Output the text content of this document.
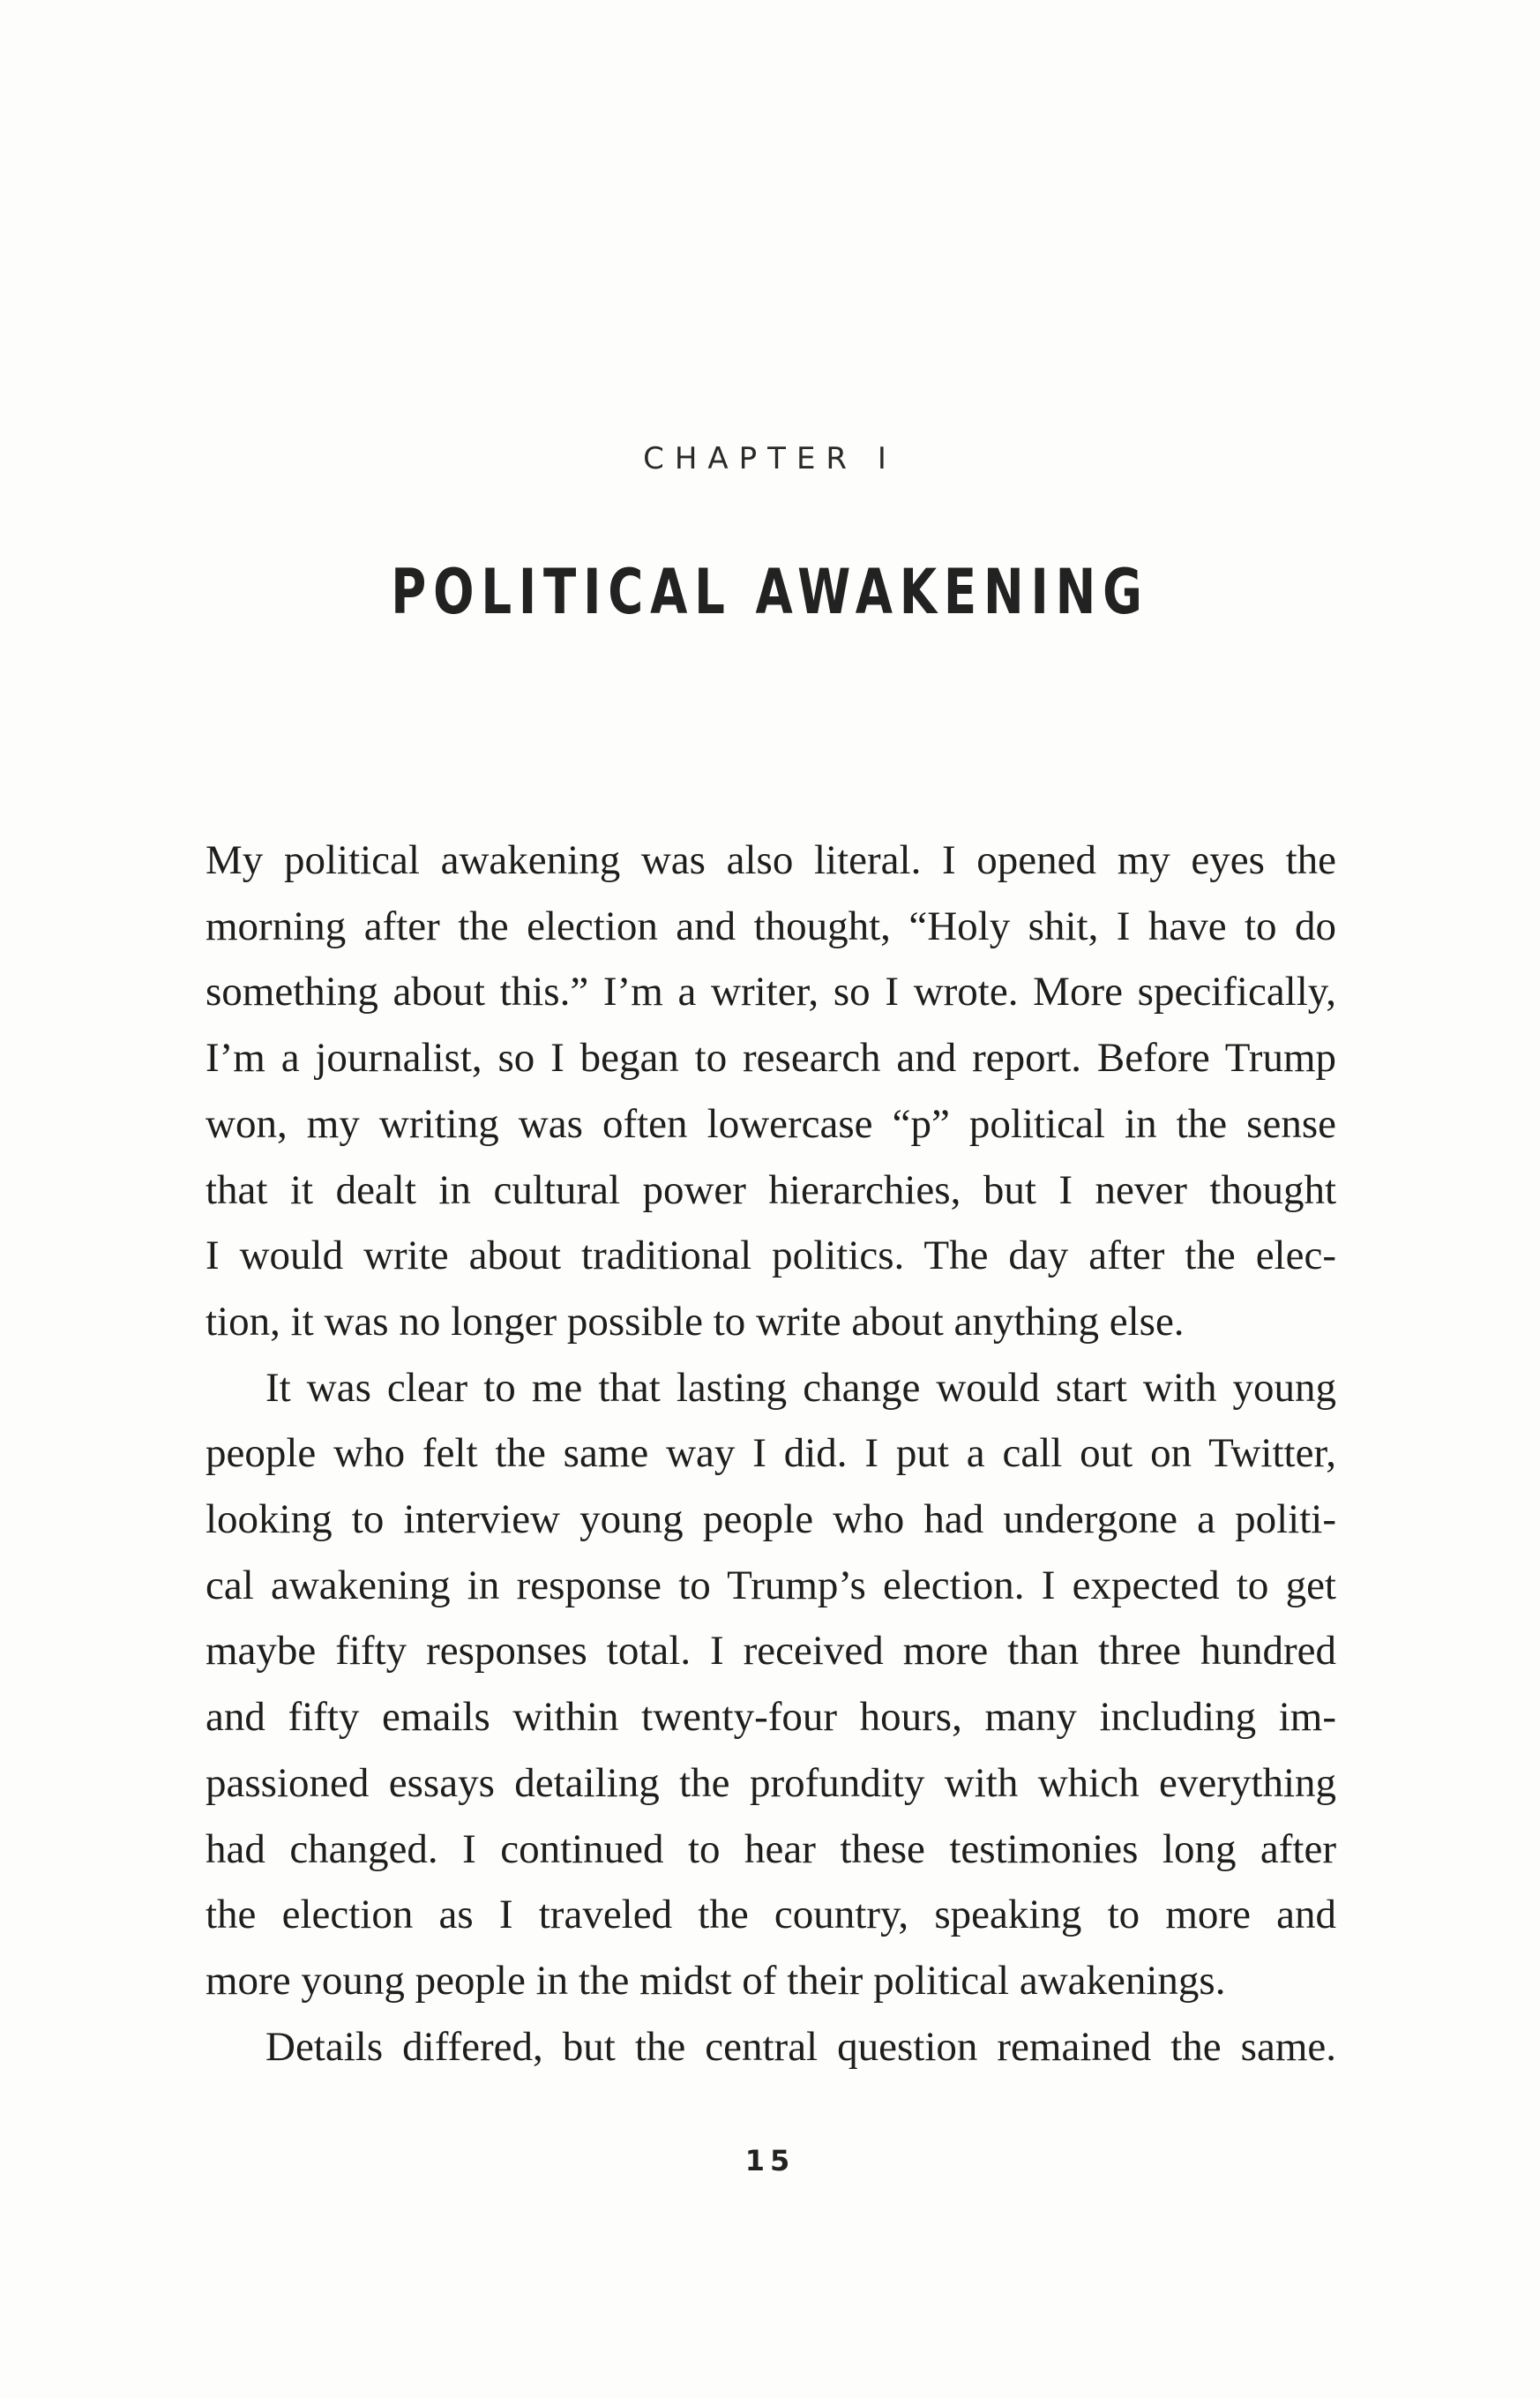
CHAPTER I
POLITICAL AWAKENING
My political awakening was also literal. I opened my eyes the
morning after the election and thought, “Holy shit, I have to do
something about this.” I’m a writer, so I wrote. More specifically,
I’m a journalist, so I began to research and report. Before Trump
won, my writing was often lowercase “p” political in the sense
that it dealt in cultural power hierarchies, but I never thought
I would write about traditional politics. The day after the elec-
tion, it was no longer possible to write about anything else.
It was clear to me that lasting change would start with young
people who felt the same way I did. I put a call out on Twitter,
looking to interview young people who had undergone a politi-
cal awakening in response to Trump’s election. I expected to get
maybe fifty responses total. I received more than three hundred
and fifty emails within twenty-four hours, many including im-
passioned essays detailing the profundity with which everything
had changed. I continued to hear these testimonies long after
the election as I traveled the country, speaking to more and
more young people in the midst of their political awakenings.
Details differed, but the central question remained the same.
15
